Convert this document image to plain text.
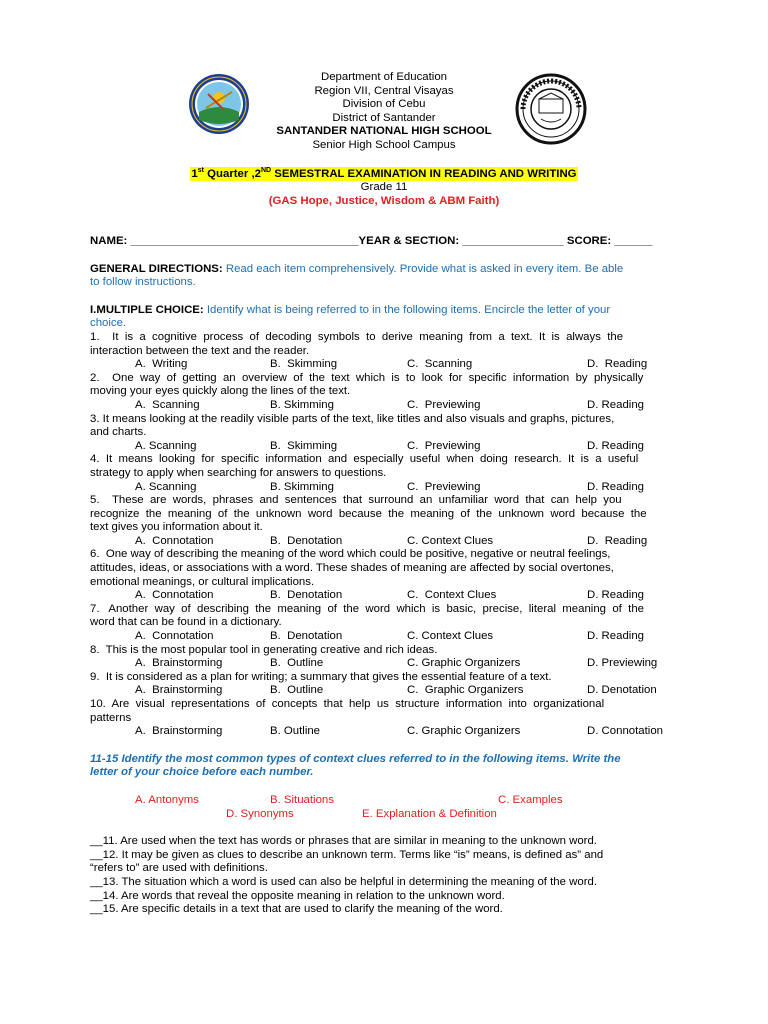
Department of Education
Region VII, Central Visayas
Division of Cebu
District of Santander
SANTANDER NATIONAL HIGH SCHOOL
Senior High School Campus
1st Quarter ,2ND SEMESTRAL EXAMINATION IN READING AND WRITING
Grade 11
(GAS Hope, Justice, Wisdom & ABM Faith)
NAME: ____________________________________YEAR & SECTION: ________________ SCORE: ______
GENERAL DIRECTIONS: Read each item comprehensively. Provide what is asked in every item. Be able
to follow instructions.
I.MULTIPLE CHOICE: Identify what is being referred to in the following items. Encircle the letter of your
choice.
1.    It  is  a  cognitive  process  of  decoding  symbols  to  derive  meaning  from  a  text.  It  is  always  the
interaction between the text and the reader.
A.  Writing	B.  Skimming	C.  Scanning	D.  Reading
2.    One  way  of  getting  an  overview  of  the  text  which  is  to  look  for  specific  information  by  physically
moving your eyes quickly along the lines of the text.
A.  Scanning	B. Skimming	C.  Previewing	D. Reading
3. It means looking at the readily visible parts of the text, like titles and also visuals and graphs, pictures,
and charts.
A. Scanning	B.  Skimming	C.  Previewing	D. Reading
4.  It  means  looking  for  specific  information  and  especially  useful  when  doing  research.  It  is  a  useful
strategy to apply when searching for answers to questions.
A. Scanning	B. Skimming	C.  Previewing	D. Reading
5.    These  are  words,  phrases  and  sentences  that  surround  an  unfamiliar  word  that  can  help  you
recognize  the  meaning  of  the  unknown  word  because  the  meaning  of  the  unknown  word  because  the
text gives you information about it.
A.  Connotation	B.  Denotation	C. Context Clues	D.  Reading
6.  One way of describing the meaning of the word which could be positive, negative or neutral feelings,
attitudes, ideas, or associations with a word. These shades of meaning are affected by social overtones,
emotional meanings, or cultural implications.
A.  Connotation	B.  Denotation	C.  Context Clues	D. Reading
7.   Another  way  of  describing  the  meaning  of  the  word  which  is  basic,  precise,  literal  meaning  of  the
word that can be found in a dictionary.
A.  Connotation	B.  Denotation	C. Context Clues	D. Reading
8.  This is the most popular tool in generating creative and rich ideas.
A.  Brainstorming	B.  Outline	C. Graphic Organizers	D. Previewing
9.  It is considered as a plan for writing; a summary that gives the essential feature of a text.
A.  Brainstorming	B.  Outline	C.  Graphic Organizers	D. Denotation
10.  Are  visual  representations  of  concepts  that  help  us  structure  information  into  organizational
patterns
A.  Brainstorming	B. Outline	C. Graphic Organizers	D. Connotation
11-15 Identify the most common types of context clues referred to in the following items. Write the
letter of your choice before each number.
A. Antonyms	B. Situations	C. Examples
D. Synonyms	E. Explanation & Definition
__11. Are used when the text has words or phrases that are similar in meaning to the unknown word.
__12. It may be given as clues to describe an unknown term. Terms like “is” means, is defined as” and
“refers to” are used with definitions.
__13. The situation which a word is used can also be helpful in determining the meaning of the word.
__14. Are words that reveal the opposite meaning in relation to the unknown word.
__15. Are specific details in a text that are used to clarify the meaning of the word.
